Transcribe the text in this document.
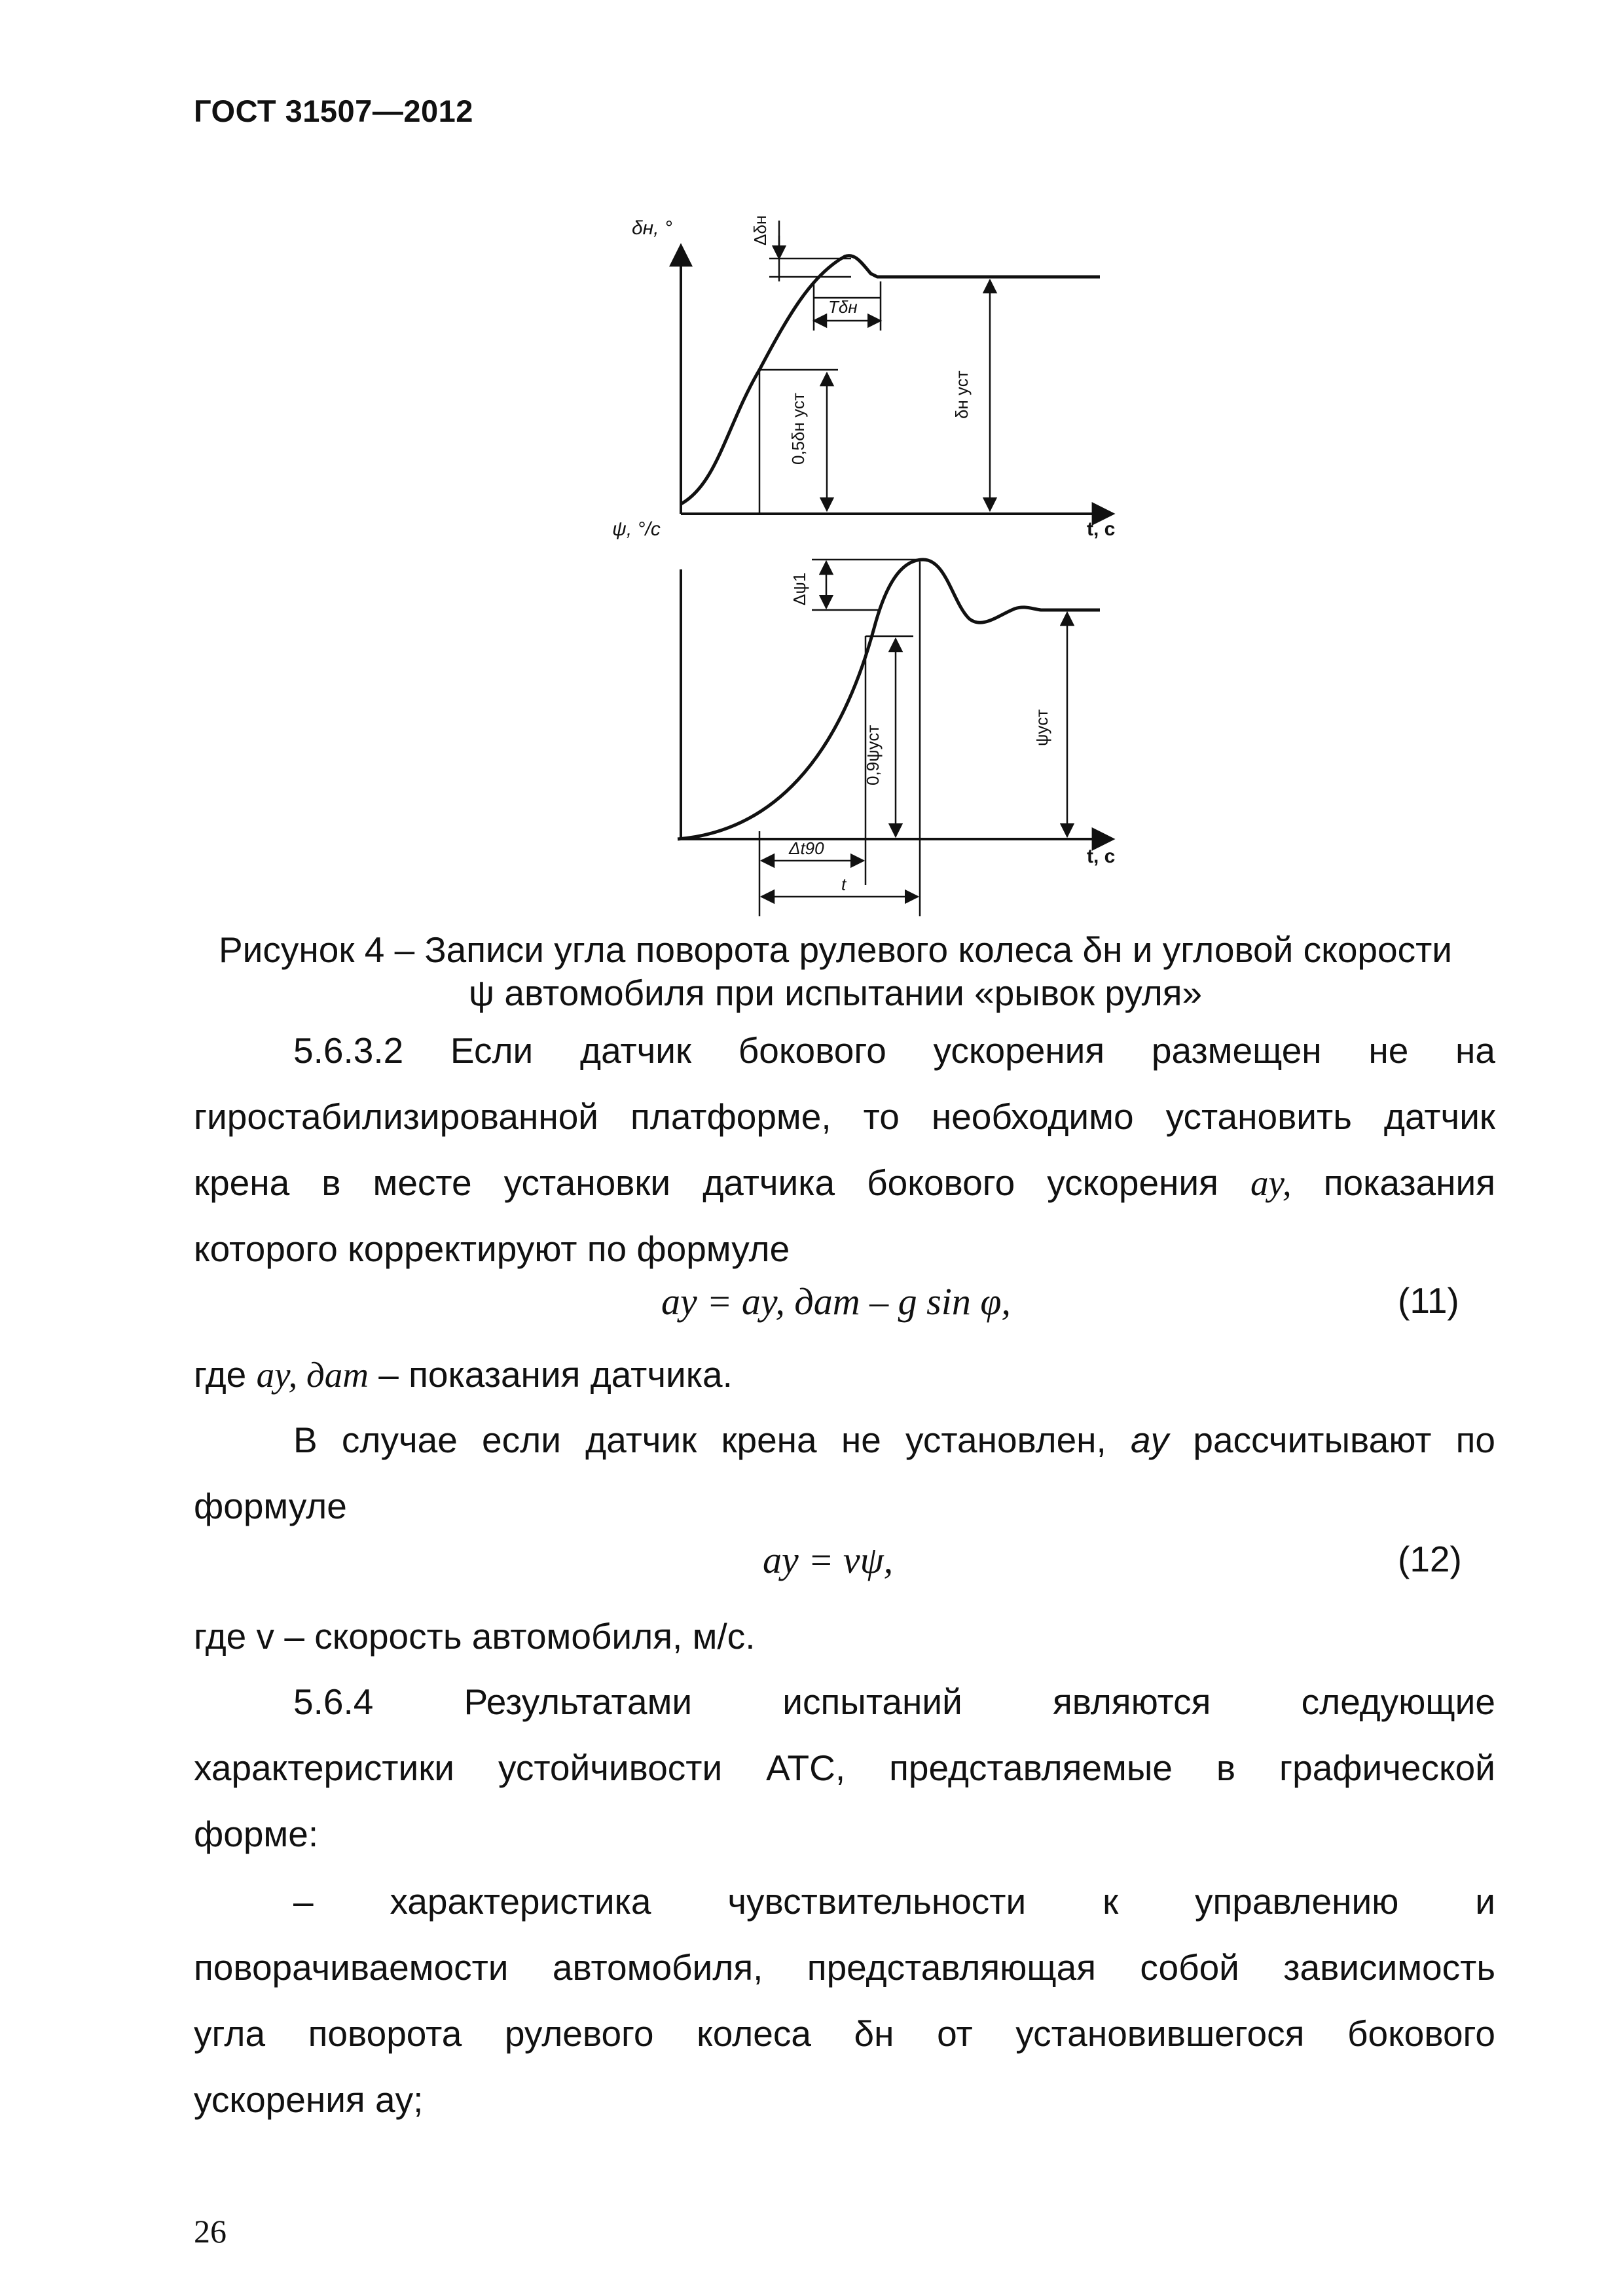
ГОСТ 31507—2012
δн, °
ψ, °/с	t, с
t, с
Δδн
Tδн
0,5δн уст	δн уст
Δψ1
0,9ψуст	ψуст
Δt90
t
Рисунок 4 – Записи угла поворота рулевого колеса δн и угловой скорости
ψ автомобиля при испытании «рывок руля»
5.6.3.2 Если датчик бокового ускорения размещен не на
гиростабилизированной платформе, то необходимо установить датчик
крена в месте установки датчика бокового ускорения ay, показания
которого корректируют по формуле
ay = ay, дат – g sin φ,	(11)
где ay, дат – показания датчика.
В случае если датчик крена не установлен, ay рассчитывают по
формуле
ay = vψ,	(12)
где v – скорость автомобиля, м/с.
5.6.4 Результатами испытаний являются следующие
характеристики устойчивости АТС, представляемые в графической
форме:
– характеристика чувствительности к управлению и
поворачиваемости автомобиля, представляющая собой зависимость
угла поворота рулевого колеса δн от установившегося бокового
ускорения ay;
26
